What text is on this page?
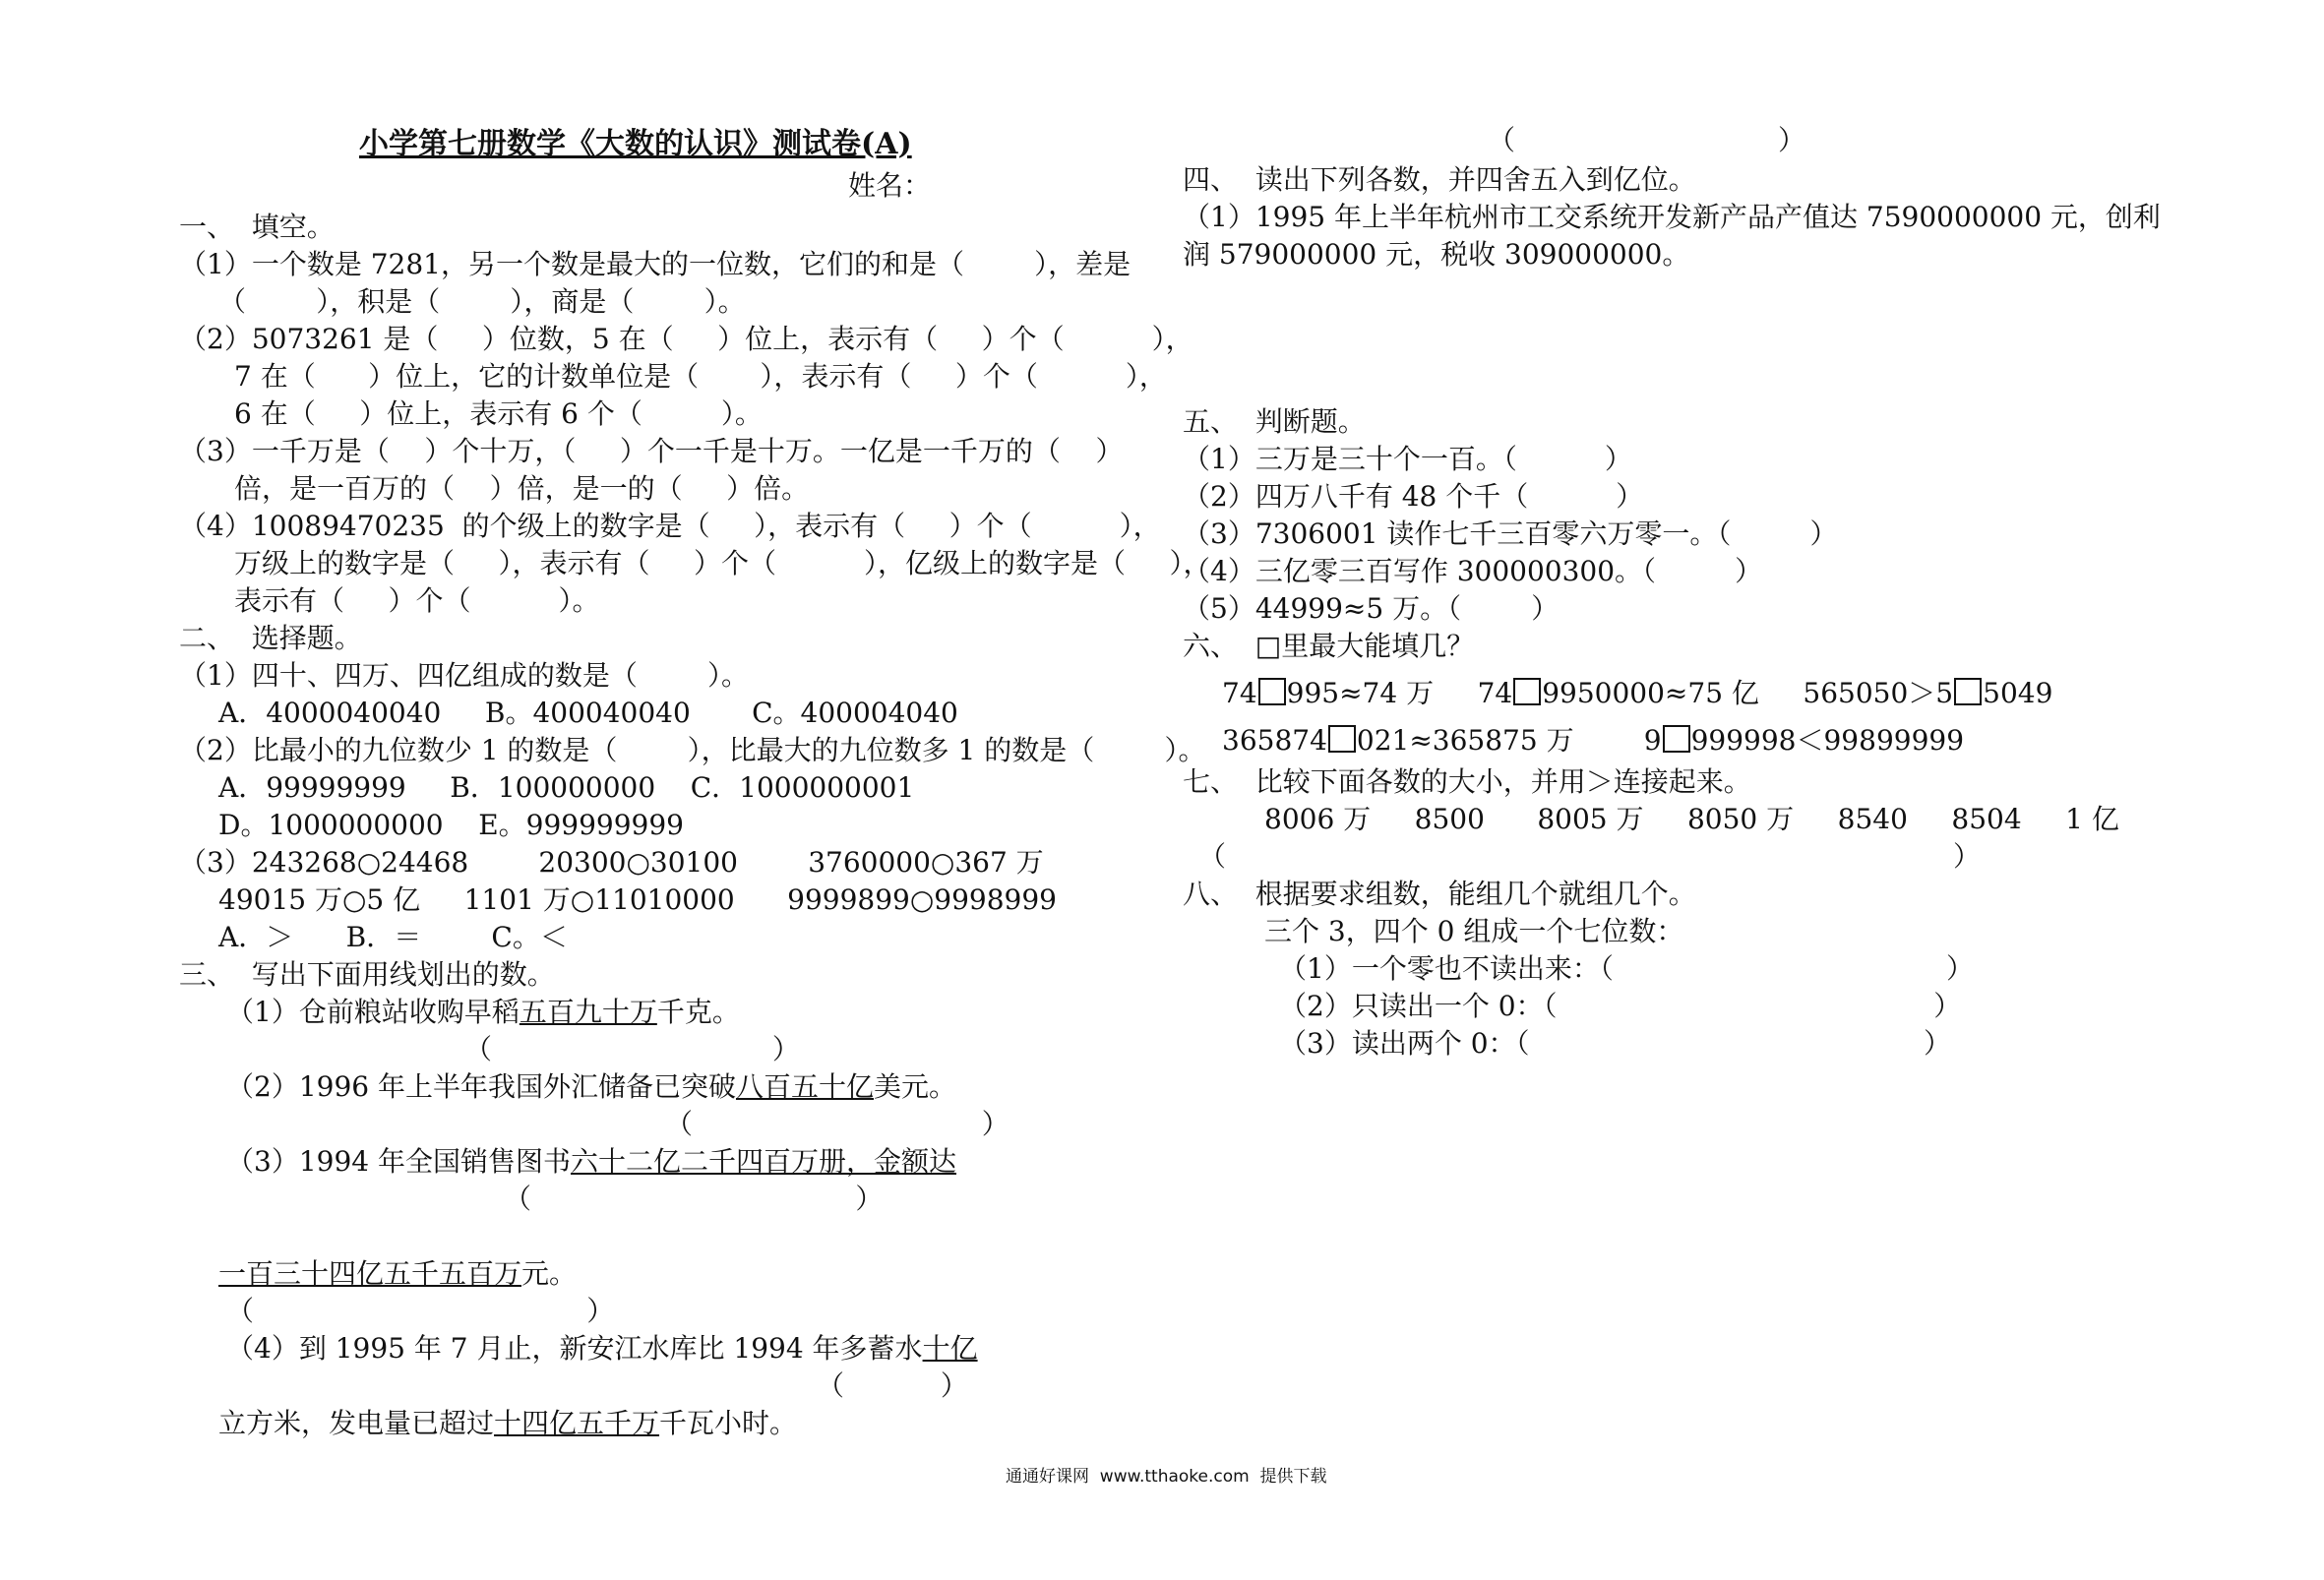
小学第七册数学《大数的认识》测试卷(A)
姓名：
一、  填空。
（1）一个数是 7281，另一个数是最大的一位数，它们的和是（        ），差是
（        ），积是（        ），商是（        ）。
（2）5073261 是（     ）位数，5 在（     ）位上，表示有（     ）个（          ），
7 在（      ）位上，它的计数单位是（       ），表示有（     ）个（          ），
6 在（     ）位上，表示有 6 个（         ）。
（3）一千万是（    ）个十万，（     ）个一千是十万。一亿是一千万的（    ）
倍，是一百万的（    ）倍，是一的（     ）倍。
（4）10089470235  的个级上的数字是（     ），表示有（     ）个（          ），
万级上的数字是（     ），表示有（     ）个（          ），亿级上的数字是（     ），
表示有（     ）个（          ）。
二、  选择题。
（1）四十、四万、四亿组成的数是（        ）。
A．4000040040     B。400040040       C。400004040
（2）比最小的九位数少 1 的数是（        ），比最大的九位数多 1 的数是（        ）。
A．99999999     B．100000000    C．1000000001
D。1000000000    E。999999999
（3）243268○24468        20300○30100        3760000○367 万
49015 万○5 亿     1101 万○11010000      9999899○9998999
A．＞      B．＝        C。＜
三、  写出下面用线划出的数。
（1）仓前粮站收购早稻五百九十万千克。
（                                ）
（2）1996 年上半年我国外汇储备已突破八百五十亿美元。
（                                 ）
（3）1994 年全国销售图书六十二亿二千四百万册，金额达
（                                     ）
一百三十四亿五千五百万元。
（                                      ）
（4）到 1995 年 7 月止，新安江水库比 1994 年多蓄水十亿
（           ）
立方米，发电量已超过十四亿五千万千瓦小时。
（                              ）
四、  读出下列各数，并四舍五入到亿位。
（1）1995 年上半年杭州市工交系统开发新产品产值达 7590000000 元，创利
润 579000000 元，税收 309000000。
五、  判断题。
（1）三万是三十个一百。（          ）
（2）四万八千有 48 个千（          ）
（3）7306001 读作七千三百零六万零一。（         ）
（4）三亿零三百写作 300000300。（         ）
（5）44999≈5 万。（        ）
六、  □里最大能填几？
74 995≈74 万     74 9950000≈75 亿     565050＞5 5049
365874 021≈365875 万        9 999998＜99899999
七、  比较下面各数的大小，并用＞连接起来。
8006 万     8500      8005 万     8050 万     8540     8504     1 亿
（	）
八、  根据要求组数，能组几个就组几个。
三个 3，四个 0 组成一个七位数：
（1）一个零也不读出来：（                                      ）
（2）只读出一个 0：（                                           ）
（3）读出两个 0：（                                             ）
通通好课网  www.tthaoke.com  提供下载
